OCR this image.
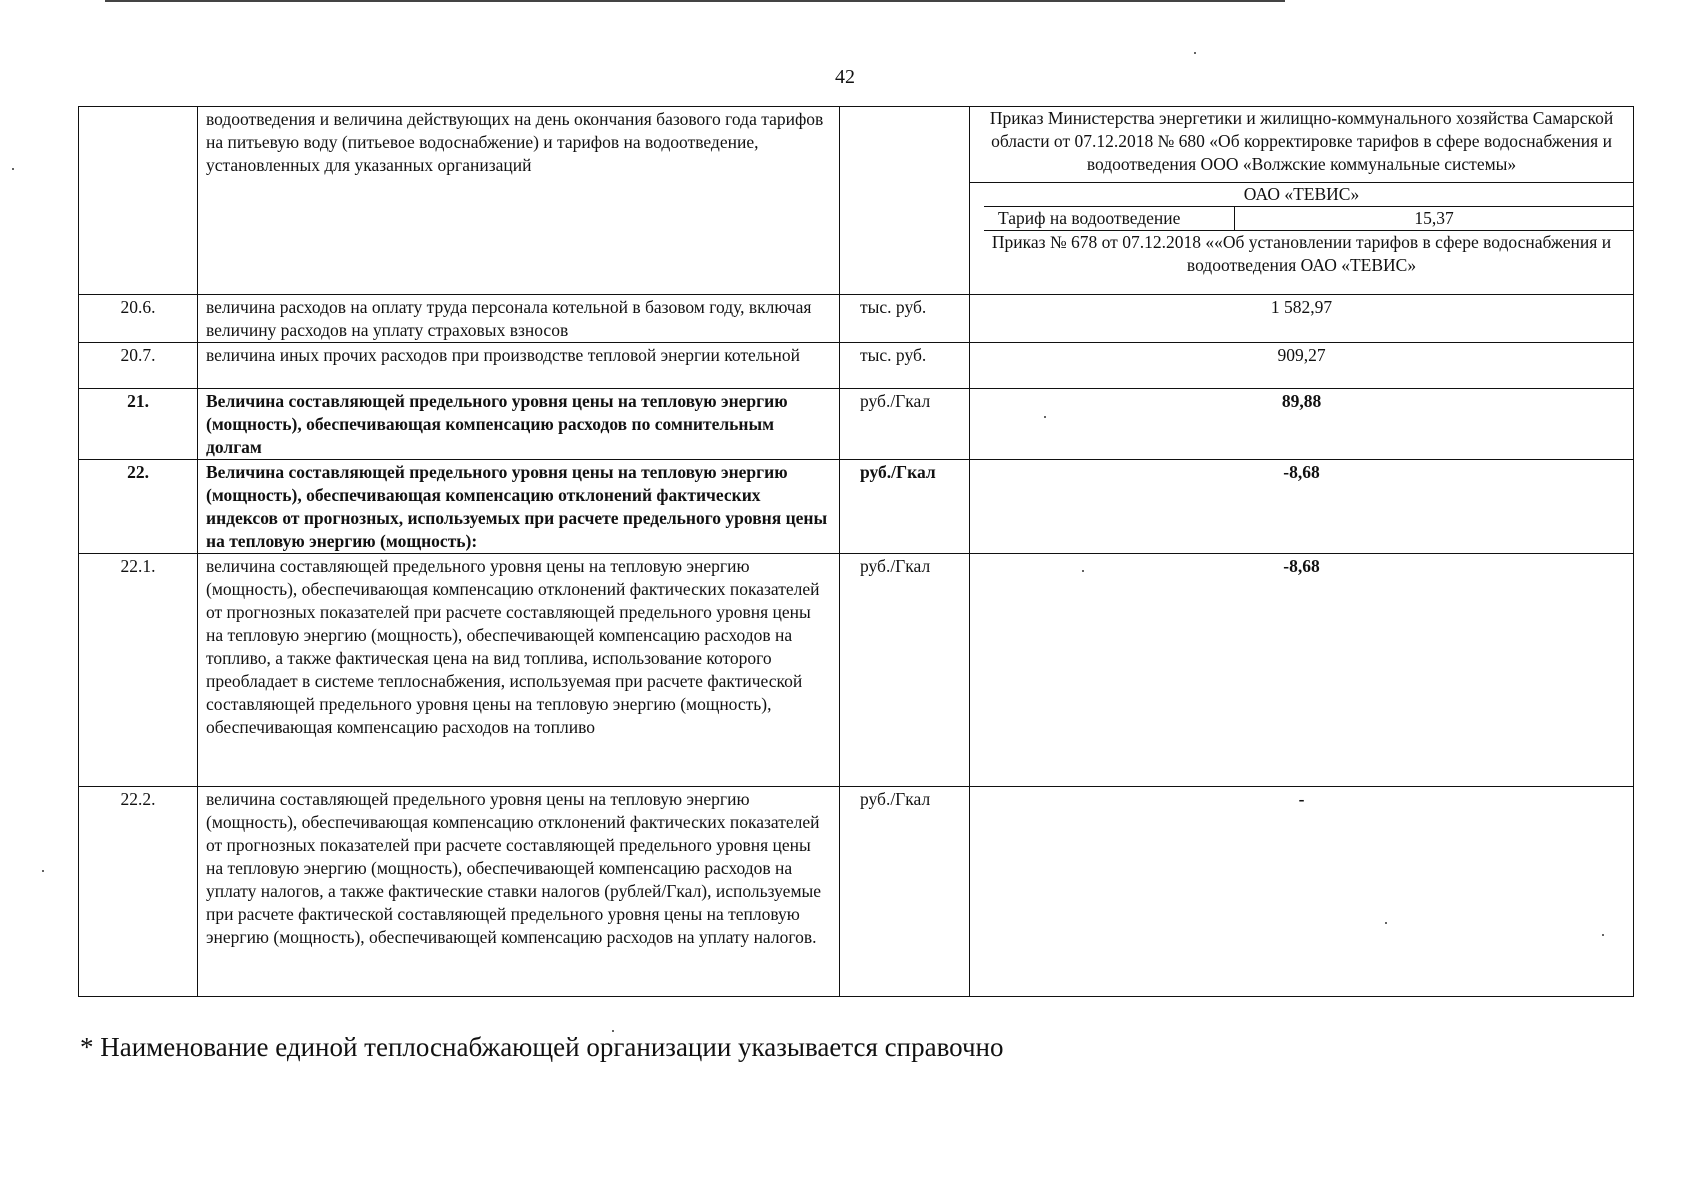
42
	водоотведения и величина действующих на день окончания базового года тарифов на питьевую воду (питьевое водоснабжение) и тарифов на водоотведение, установленных для указанных организаций		Приказ Министерства энергетики и жилищно-коммунального хозяйства Самарской области от 07.12.2018 № 680 «Об корректировке тарифов в сфере водоснабжения и водоотведения ООО «Волжские коммунальные системы»
ОАО «ТЕВИС»
Тариф на водоотведение 15,37
Приказ № 678 от 07.12.2018 ««Об установлении тарифов в сфере водоснабжения и водоотведения ОАО «ТЕВИС»

20.6.	величина расходов на оплату труда персонала котельной в базовом году, включая величину расходов на уплату страховых взносов	тыс. руб.	1 582,97
20.7.	величина иных прочих расходов при производстве тепловой энергии котельной	тыс. руб.	909,27
21.	Величина составляющей предельного уровня цены на тепловую энергию (мощность), обеспечивающая компенсацию расходов по сомнительным долгам	руб./Гкал	89,88
22.	Величина составляющей предельного уровня цены на тепловую энергию (мощность), обеспечивающая компенсацию отклонений фактических индексов от прогнозных, используемых при расчете предельного уровня цены на тепловую энергию (мощность):	руб./Гкал	-8,68
22.1.	величина составляющей предельного уровня цены на тепловую энергию (мощность), обеспечивающая компенсацию отклонений фактических показателей от прогнозных показателей при расчете составляющей предельного уровня цены на тепловую энергию (мощность), обеспечивающей компенсацию расходов на топливо, а также фактическая цена на вид топлива, использование которого преобладает в системе теплоснабжения, используемая при расчете фактической составляющей предельного уровня цены на тепловую энергию (мощность), обеспечивающая компенсацию расходов на топливо	руб./Гкал	-8,68
22.2.	величина составляющей предельного уровня цены на тепловую энергию (мощность), обеспечивающая компенсацию отклонений фактических показателей от прогнозных показателей при расчете составляющей предельного уровня цены на тепловую энергию (мощность), обеспечивающей компенсацию расходов на уплату налогов, а также фактические ставки налогов (рублей/Гкал), используемые при расчете фактической составляющей предельного уровня цены на тепловую энергию (мощность), обеспечивающей компенсацию расходов на уплату налогов.	руб./Гкал	-
* Наименование единой теплоснабжающей организации указывается справочно
